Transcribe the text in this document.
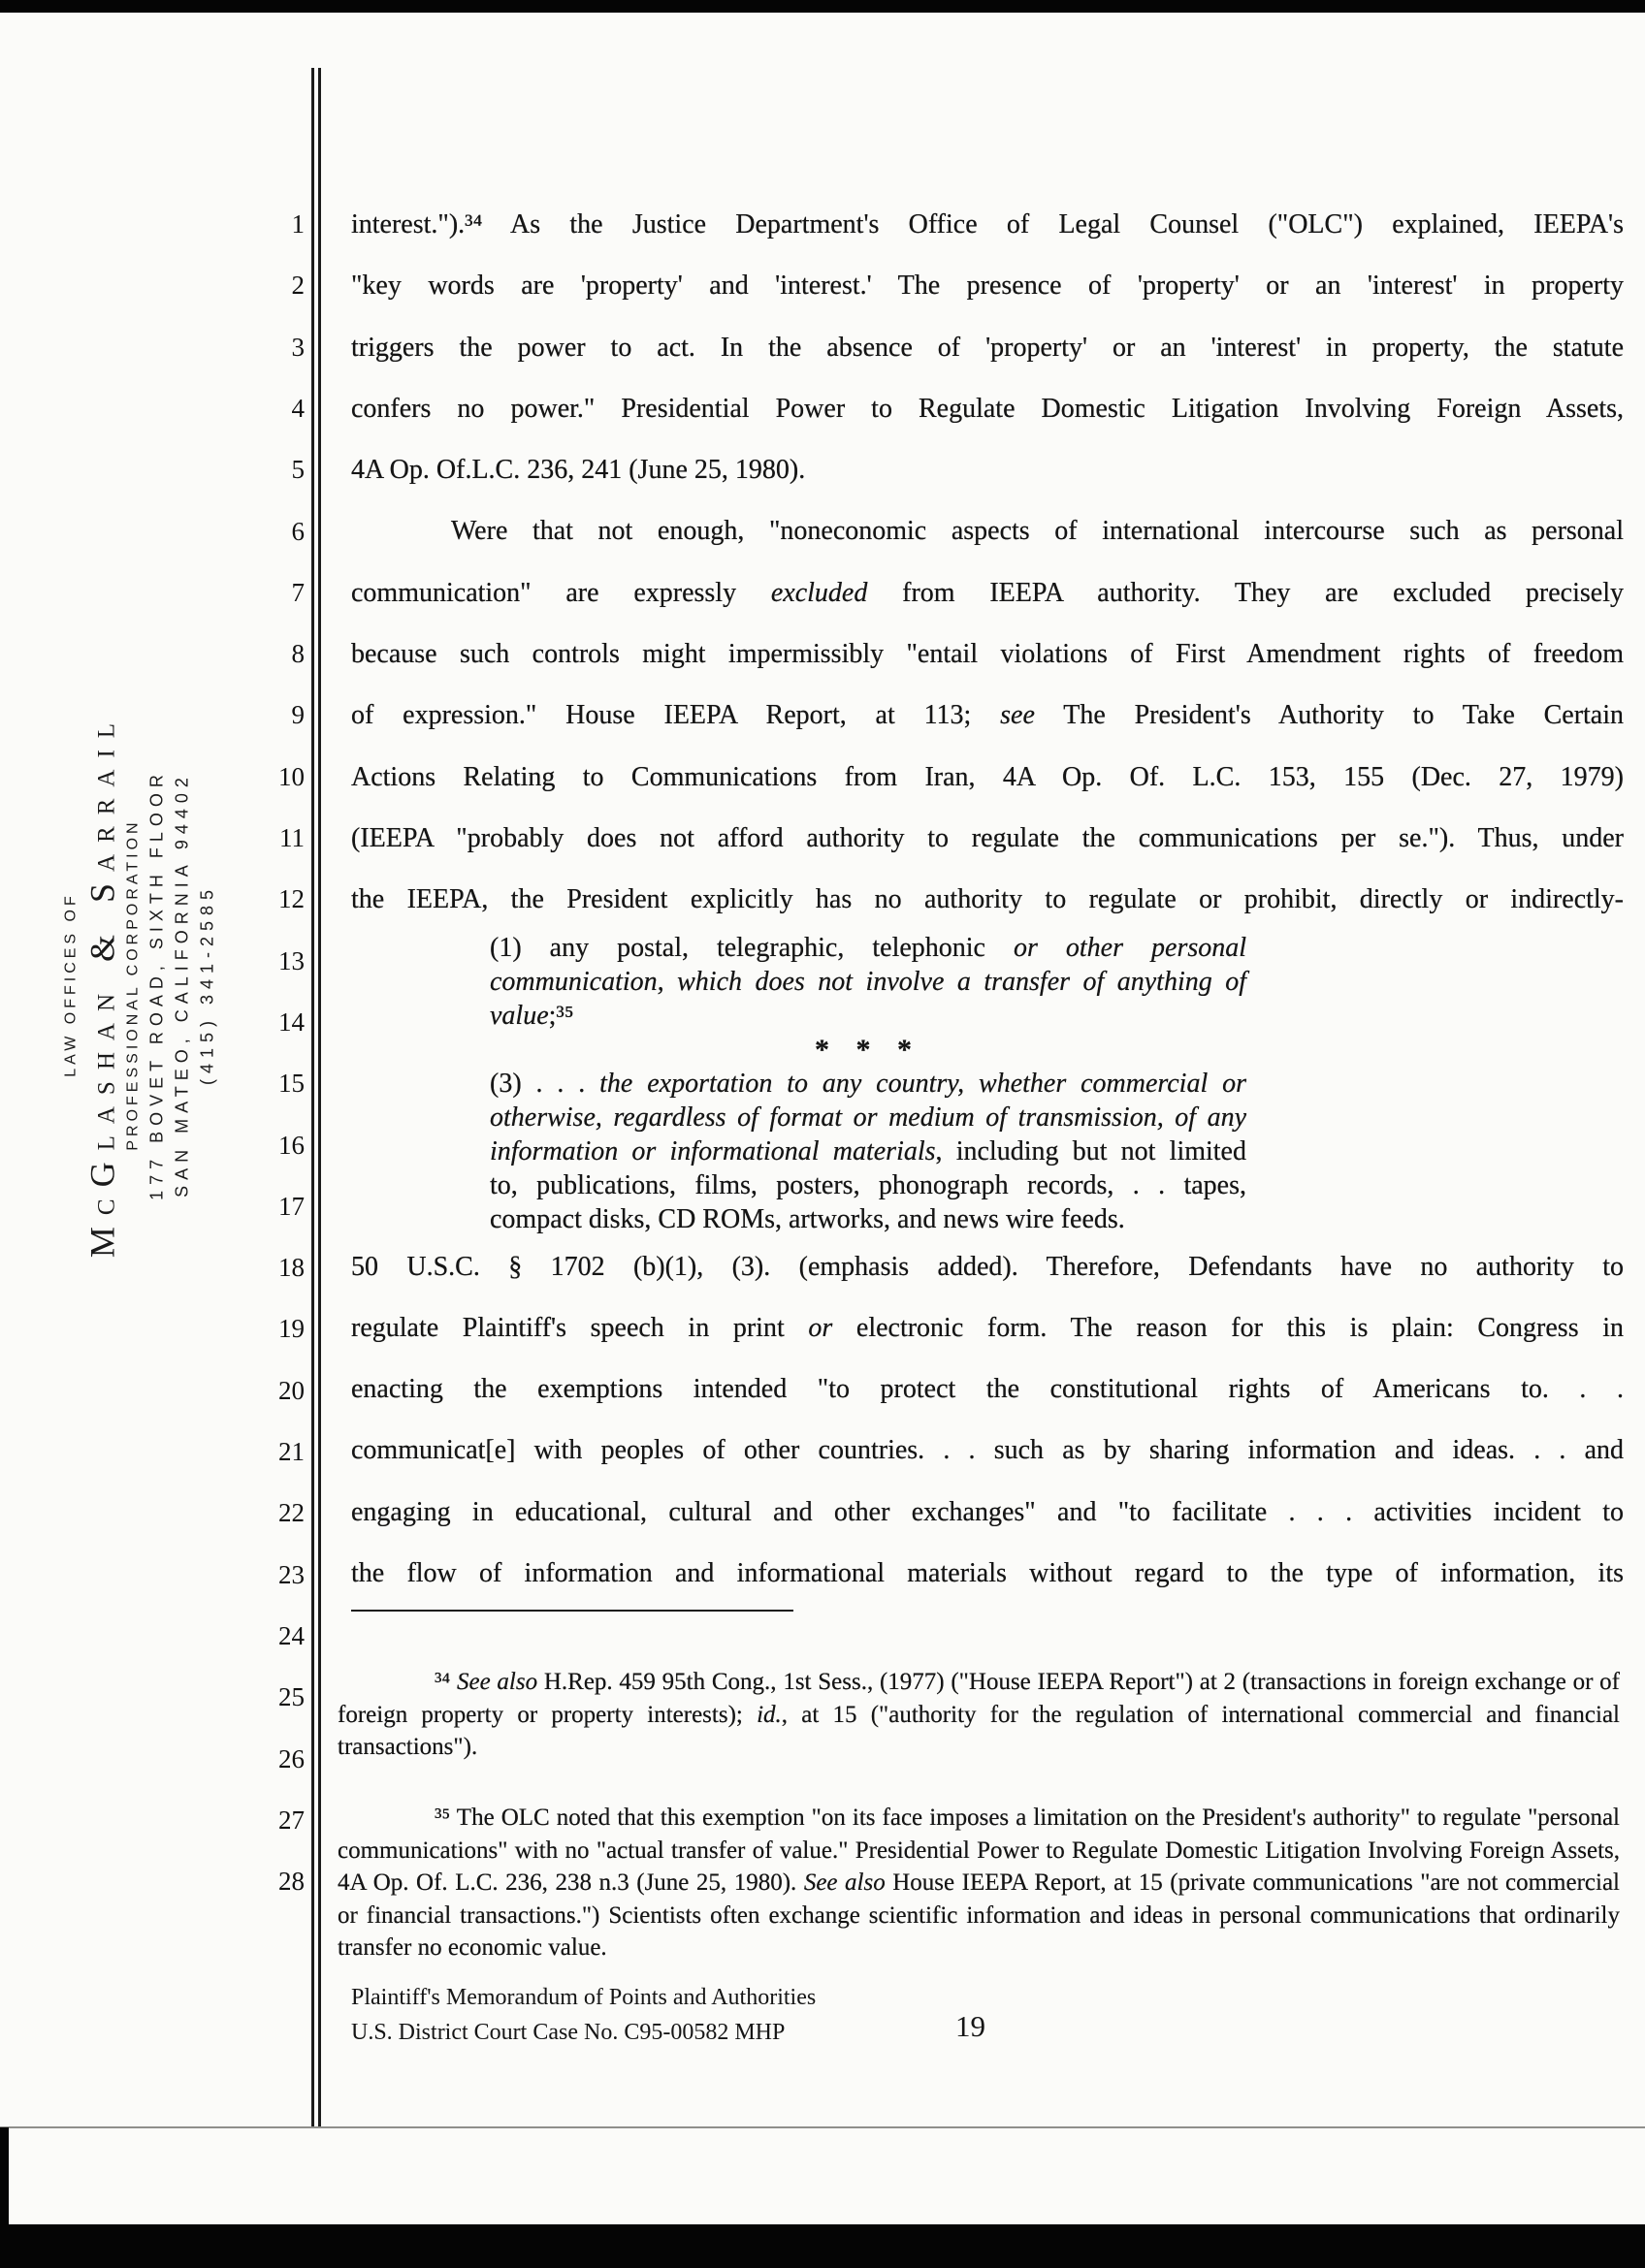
LAW OFFICES OF McGlashan & Sarrail PROFESSIONAL CORPORATION 177 BOVET ROAD, SIXTH FLOOR SAN MATEO, CALIFORNIA 94402 (415) 341-2585
1
2
3
4
5
6
7
8
9
10
11
12
13
14
15
16
17
18
19
20
21
22
23
24
25
26
27
28
interest.").³⁴ As the Justice Department's Office of Legal Counsel ("OLC") explained, IEEPA's
"key words are 'property' and 'interest.' The presence of 'property' or an 'interest' in property
triggers the power to act. In the absence of 'property' or an 'interest' in property, the statute
confers no power." Presidential Power to Regulate Domestic Litigation Involving Foreign Assets,
4A Op. Of.L.C. 236, 241 (June 25, 1980).
Were that not enough, "noneconomic aspects of international intercourse such as personal
communication" are expressly excluded from IEEPA authority. They are excluded precisely
because such controls might impermissibly "entail violations of First Amendment rights of freedom
of expression." House IEEPA Report, at 113; see The President's Authority to Take Certain
Actions Relating to Communications from Iran, 4A Op. Of. L.C. 153, 155 (Dec. 27, 1979)
(IEEPA "probably does not afford authority to regulate the communications per se."). Thus, under
the IEEPA, the President explicitly has no authority to regulate or prohibit, directly or indirectly-
(1) any postal, telegraphic, telephonic or other personal
communication, which does not involve a transfer of anything of
value;³⁵
* * *
(3) . . . the exportation to any country, whether commercial or
otherwise, regardless of format or medium of transmission, of any
information or informational materials, including but not limited
to, publications, films, posters, phonograph records, . . tapes,
compact disks, CD ROMs, artworks, and news wire feeds.
50 U.S.C. § 1702 (b)(1), (3). (emphasis added). Therefore, Defendants have no authority to
regulate Plaintiff's speech in print or electronic form. The reason for this is plain: Congress in
enacting the exemptions intended "to protect the constitutional rights of Americans to. . .
communicat[e] with peoples of other countries. . . such as by sharing information and ideas. . . and
engaging in educational, cultural and other exchanges" and "to facilitate . . . activities incident to
the flow of information and informational materials without regard to the type of information, its
³⁴ See also H.Rep. 459 95th Cong., 1st Sess., (1977) ("House IEEPA Report") at 2 (transactions in foreign exchange or of foreign property or property interests); id., at 15 ("authority for the regulation of international commercial and financial transactions").
³⁵ The OLC noted that this exemption "on its face imposes a limitation on the President's authority" to regulate "personal communications" with no "actual transfer of value." Presidential Power to Regulate Domestic Litigation Involving Foreign Assets, 4A Op. Of. L.C. 236, 238 n.3 (June 25, 1980). See also House IEEPA Report, at 15 (private communications "are not commercial or financial transactions.") Scientists often exchange scientific information and ideas in personal communications that ordinarily transfer no economic value.
Plaintiff's Memorandum of Points and Authorities
U.S. District Court Case No. C95-00582 MHP	19
